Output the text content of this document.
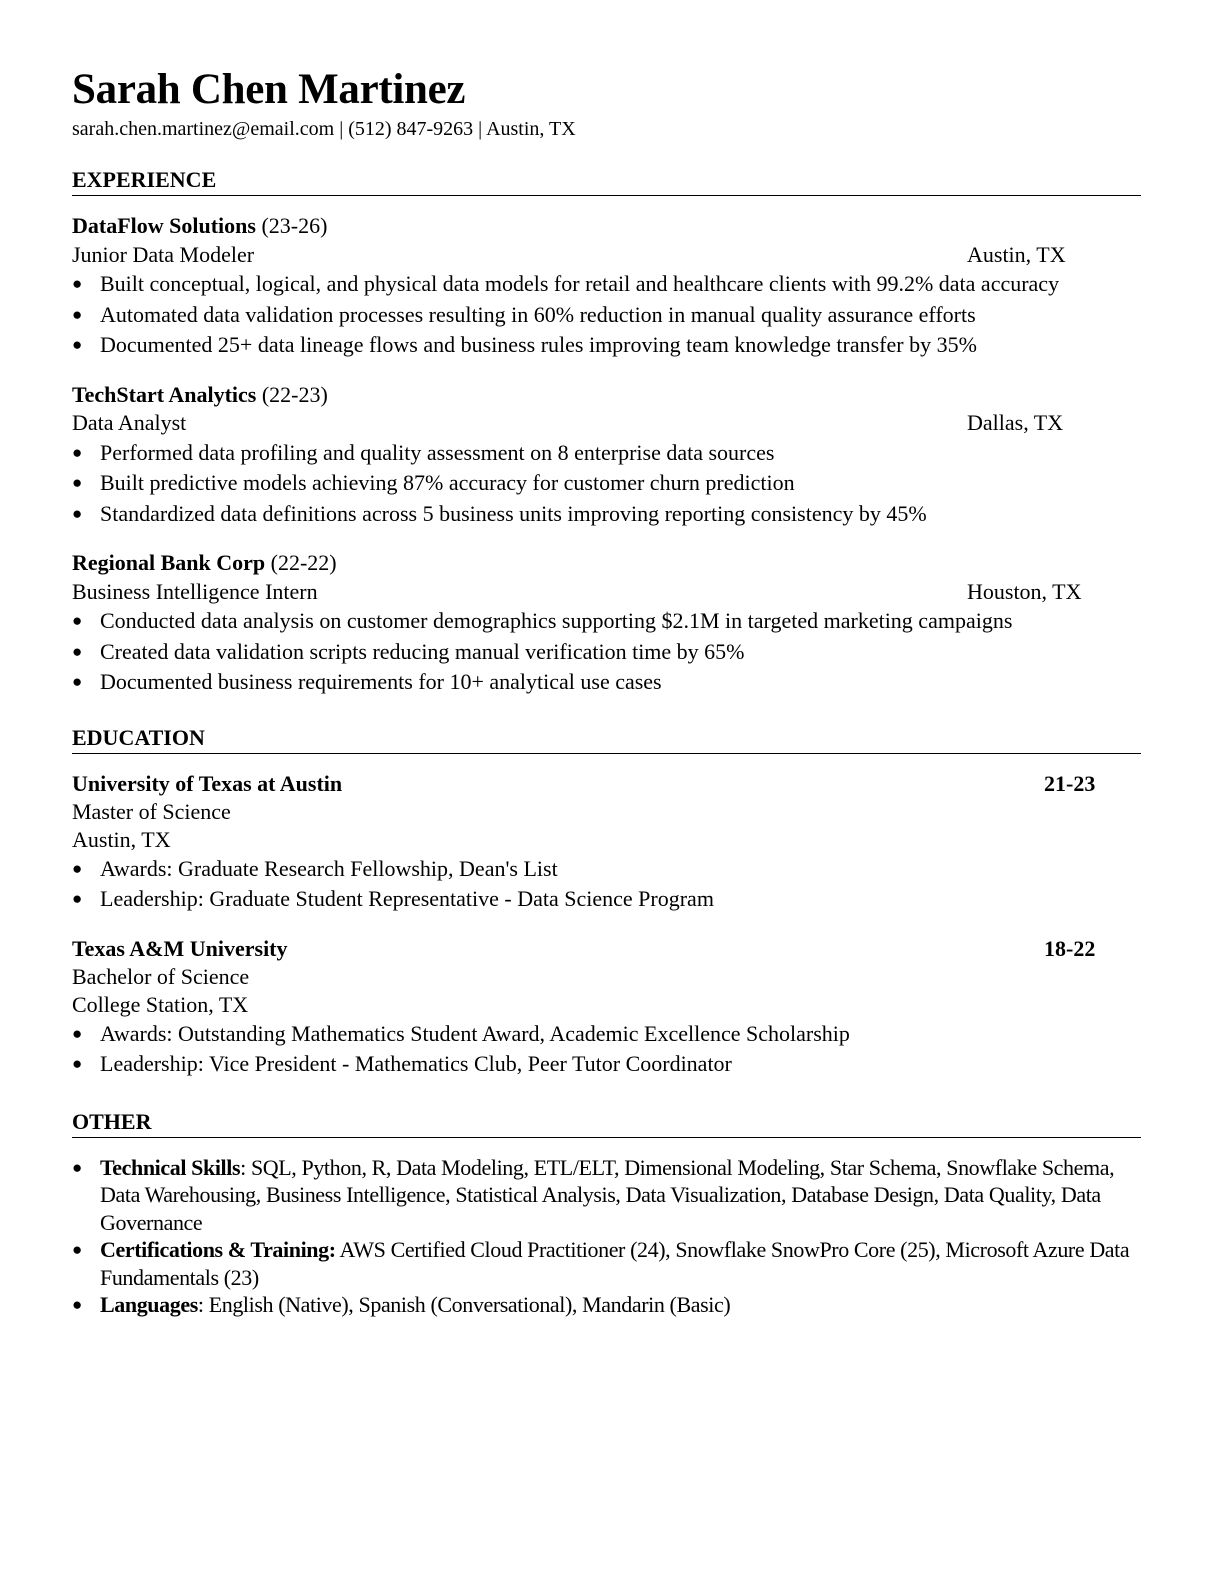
Sarah Chen Martinez
sarah.chen.martinez@email.com | (512) 847-9263 | Austin, TX
EXPERIENCE
DataFlow Solutions (23-26)
Junior Data Modeler	Austin, TX
● Built conceptual, logical, and physical data models for retail and healthcare clients with 99.2% data accuracy
● Automated data validation processes resulting in 60% reduction in manual quality assurance efforts
● Documented 25+ data lineage flows and business rules improving team knowledge transfer by 35%
TechStart Analytics (22-23)
Data Analyst	Dallas, TX
● Performed data profiling and quality assessment on 8 enterprise data sources
● Built predictive models achieving 87% accuracy for customer churn prediction
● Standardized data definitions across 5 business units improving reporting consistency by 45%
Regional Bank Corp (22-22)
Business Intelligence Intern	Houston, TX
● Conducted data analysis on customer demographics supporting $2.1M in targeted marketing campaigns
● Created data validation scripts reducing manual verification time by 65%
● Documented business requirements for 10+ analytical use cases
EDUCATION
University of Texas at Austin	21-23
Master of Science
Austin, TX
● Awards: Graduate Research Fellowship, Dean's List
● Leadership: Graduate Student Representative - Data Science Program
Texas A&M University	18-22
Bachelor of Science
College Station, TX
● Awards: Outstanding Mathematics Student Award, Academic Excellence Scholarship
● Leadership: Vice President - Mathematics Club, Peer Tutor Coordinator
OTHER
● Technical Skills: SQL, Python, R, Data Modeling, ETL/ELT, Dimensional Modeling, Star Schema, Snowflake Schema, Data Warehousing, Business Intelligence, Statistical Analysis, Data Visualization, Database Design, Data Quality, Data Governance
● Certifications & Training: AWS Certified Cloud Practitioner (24), Snowflake SnowPro Core (25), Microsoft Azure Data Fundamentals (23)
● Languages: English (Native), Spanish (Conversational), Mandarin (Basic)
